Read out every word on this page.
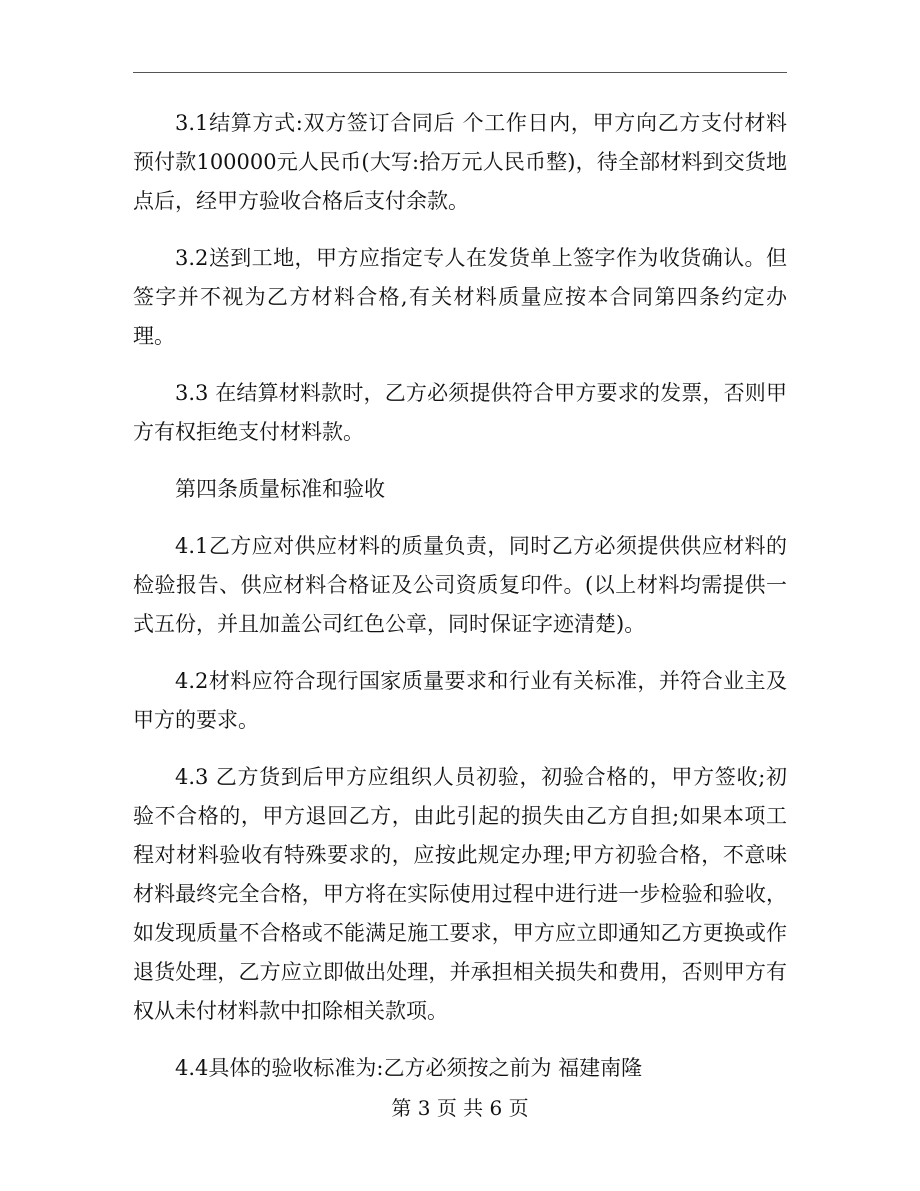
3.1结算方式:双方签订合同后 个工作日内，甲方向乙方支付材料预付款100000元人民币(大写:拾万元人民币整)，待全部材料到交货地点后，经甲方验收合格后支付余款。

3.2送到工地，甲方应指定专人在发货单上签字作为收货确认。但签字并不视为乙方材料合格,有关材料质量应按本合同第四条约定办理。

3.3 在结算材料款时，乙方必须提供符合甲方要求的发票，否则甲方有权拒绝支付材料款。

第四条质量标准和验收

4.1乙方应对供应材料的质量负责，同时乙方必须提供供应材料的检验报告、供应材料合格证及公司资质复印件。(以上材料均需提供一式五份，并且加盖公司红色公章，同时保证字迹清楚)。

4.2材料应符合现行国家质量要求和行业有关标准，并符合业主及甲方的要求。

4.3 乙方货到后甲方应组织人员初验，初验合格的，甲方签收;初验不合格的，甲方退回乙方，由此引起的损失由乙方自担;如果本项工程对材料验收有特殊要求的，应按此规定办理;甲方初验合格，不意味材料最终完全合格，甲方将在实际使用过程中进行进一步检验和验收，如发现质量不合格或不能满足施工要求，甲方应立即通知乙方更换或作退货处理，乙方应立即做出处理，并承担相关损失和费用，否则甲方有权从未付材料款中扣除相关款项。

4.4具体的验收标准为:乙方必须按之前为 福建南隆

第 3 页 共 6 页
